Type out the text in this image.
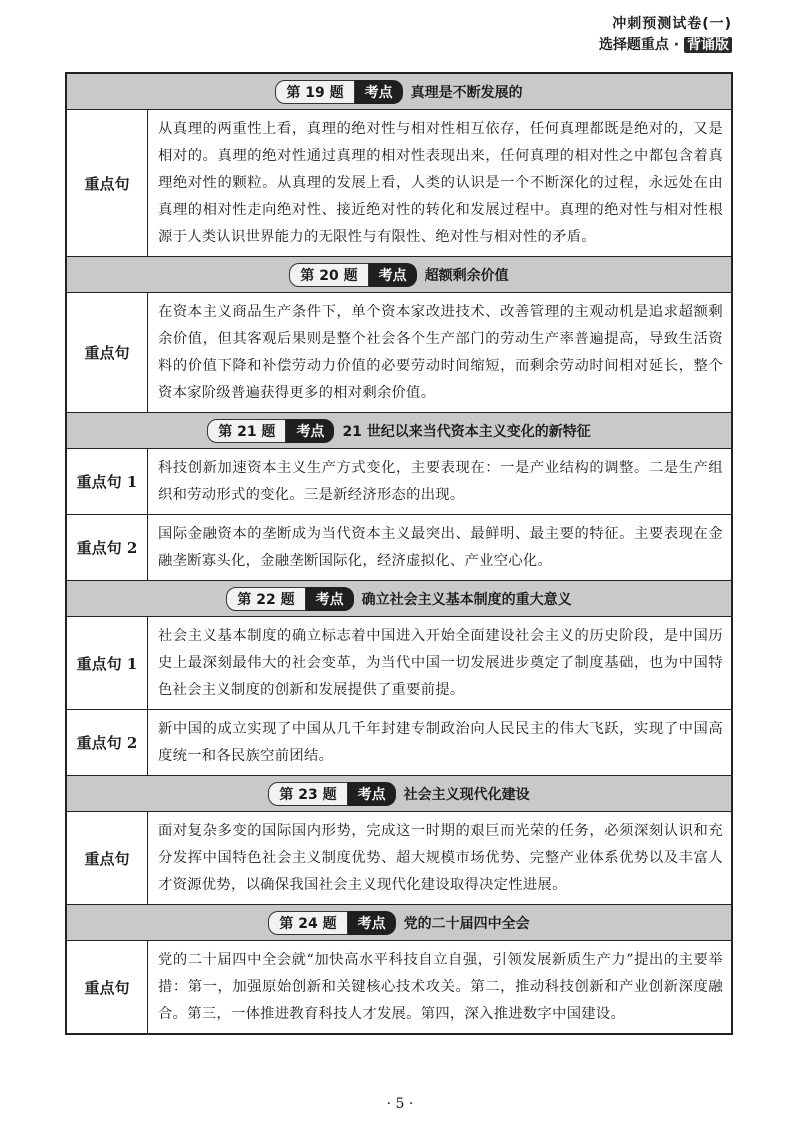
冲刺预测试卷(一)
选择题重点 · 背诵版
第 19 题	考点	真理是不断发展的
重点句
从真理的两重性上看，真理的绝对性与相对性相互依存，任何真理都既是绝对的，又是相对的。真理的绝对性通过真理的相对性表现出来，任何真理的相对性之中都包含着真理绝对性的颗粒。从真理的发展上看，人类的认识是一个不断深化的过程，永远处在由真理的相对性走向绝对性、接近绝对性的转化和发展过程中。真理的绝对性与相对性根源于人类认识世界能力的无限性与有限性、绝对性与相对性的矛盾。
第 20 题	考点	超额剩余价值
重点句
在资本主义商品生产条件下，单个资本家改进技术、改善管理的主观动机是追求超额剩余价值，但其客观后果则是整个社会各个生产部门的劳动生产率普遍提高，导致生活资料的价值下降和补偿劳动力价值的必要劳动时间缩短，而剩余劳动时间相对延长，整个资本家阶级普遍获得更多的相对剩余价值。
第 21 题	考点	21 世纪以来当代资本主义变化的新特征
重点句 1
科技创新加速资本主义生产方式变化，主要表现在：一是产业结构的调整。二是生产组织和劳动形式的变化。三是新经济形态的出现。
重点句 2
国际金融资本的垄断成为当代资本主义最突出、最鲜明、最主要的特征。主要表现在金融垄断寡头化，金融垄断国际化，经济虚拟化、产业空心化。
第 22 题	考点	确立社会主义基本制度的重大意义
重点句 1
社会主义基本制度的确立标志着中国进入开始全面建设社会主义的历史阶段，是中国历史上最深刻最伟大的社会变革，为当代中国一切发展进步奠定了制度基础，也为中国特色社会主义制度的创新和发展提供了重要前提。
重点句 2
新中国的成立实现了中国从几千年封建专制政治向人民民主的伟大飞跃，实现了中国高度统一和各民族空前团结。
第 23 题	考点	社会主义现代化建设
重点句
面对复杂多变的国际国内形势，完成这一时期的艰巨而光荣的任务，必须深刻认识和充分发挥中国特色社会主义制度优势、超大规模市场优势、完整产业体系优势以及丰富人才资源优势，以确保我国社会主义现代化建设取得决定性进展。
第 24 题	考点	党的二十届四中全会
重点句
党的二十届四中全会就“加快高水平科技自立自强，引领发展新质生产力”提出的主要举措：第一，加强原始创新和关键核心技术攻关。第二，推动科技创新和产业创新深度融合。第三，一体推进教育科技人才发展。第四，深入推进数字中国建设。
· 5 ·
